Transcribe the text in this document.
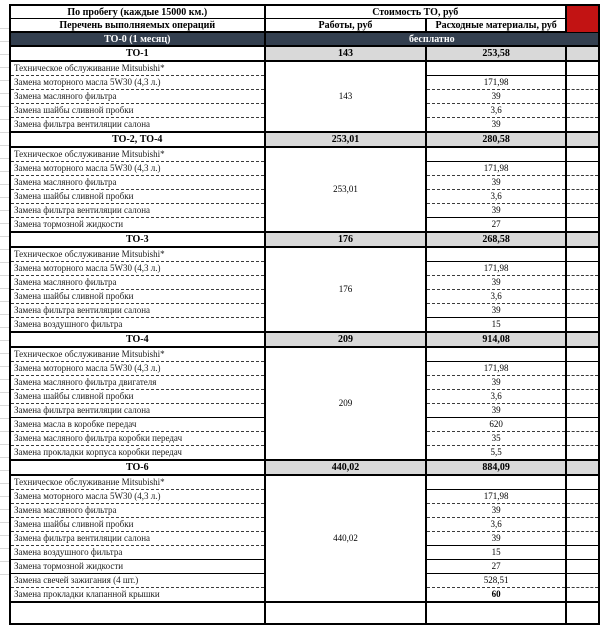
По пробегу (каждые 15000 км.)	Стоимость ТО, руб		
Перечень выполняемых операций	Работы, руб	Расходные материалы, руб	
ТО-0 (1 месяц)	бесплатно		
ТО-1	143	253,58	
Техническое обслуживание Mitsubishi*	143		
Замена моторного масла 5W30 (4,3 л.)		171,98	
Замена масляного фильтра		39	
Замена шайбы сливной пробки		3,6	
Замена фильтра вентиляции салона		39	
ТО-2, ТО-4	253,01	280,58	
Техническое обслуживание Mitsubishi*	253,01		
Замена моторного масла 5W30 (4,3 л.)		171,98	
Замена масляного фильтра		39	
Замена шайбы сливной пробки		3,6	
Замена фильтра вентиляции салона		39	
Замена тормозной жидкости		27	
ТО-3	176	268,58	
Техническое обслуживание Mitsubishi*	176		
Замена моторного масла 5W30 (4,3 л.)		171,98	
Замена масляного фильтра		39	
Замена шайбы сливной пробки		3,6	
Замена фильтра вентиляции салона		39	
Замена воздушного фильтра		15	
ТО-4	209	914,08	
Техническое обслуживание Mitsubishi*	209		
Замена моторного масла 5W30 (4,3 л.)		171,98	
Замена масляного фильтра двигателя		39	
Замена шайбы сливной пробки		3,6	
Замена фильтра вентиляции салона		39	
Замена масла в коробке передач		620	
Замена масляного фильтра коробки передач		35	
Замена прокладки корпуса коробки передач		5,5	
ТО-6	440,02	884,09	
Техническое обслуживание Mitsubishi*	440,02		
Замена моторного масла 5W30 (4,3 л.)		171,98	
Замена масляного фильтра		39	
Замена шайбы сливной пробки		3,6	
Замена фильтра вентиляции салона		39	
Замена воздушного фильтра		15	
Замена тормозной жидкости		27	
Замена свечей зажигания (4 шт.)		528,51	
Замена прокладки клапанной крышки		60	
